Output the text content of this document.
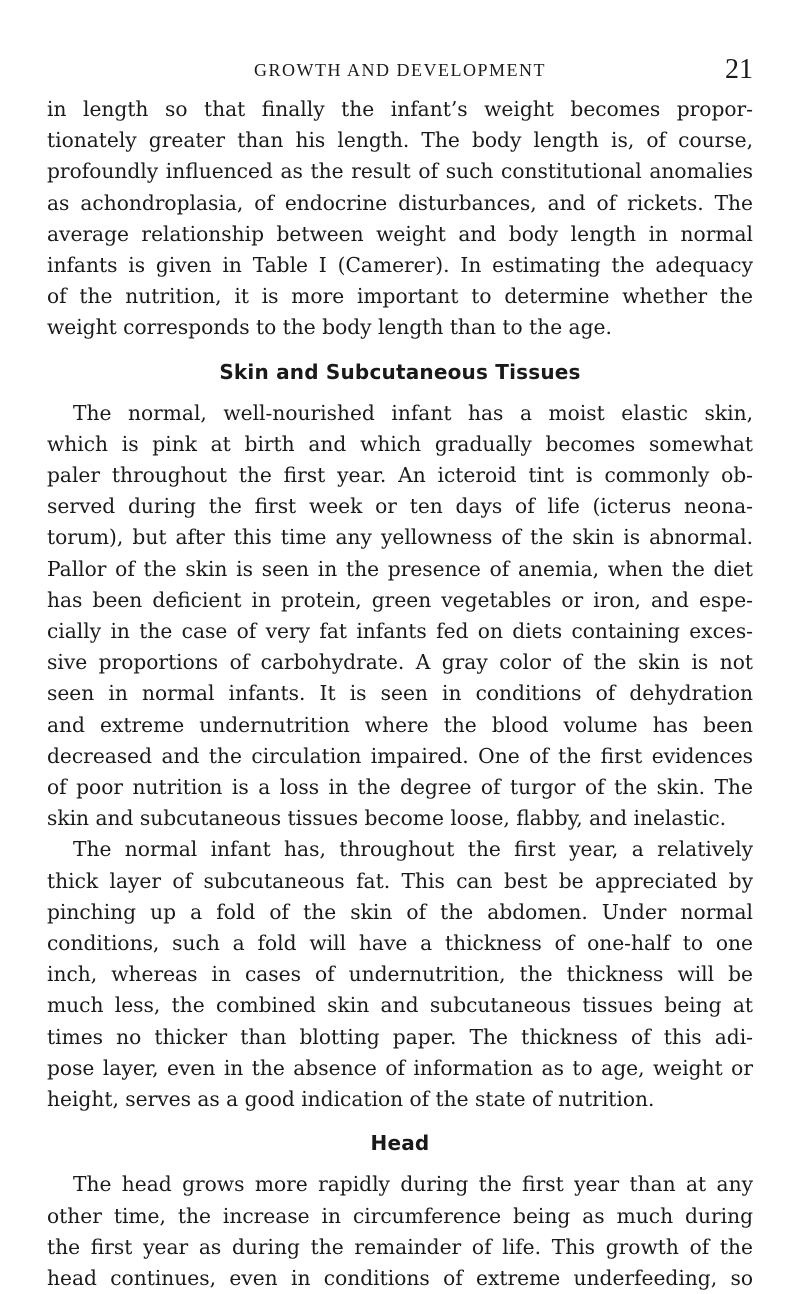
GROWTH AND DEVELOPMENT	21

in length so that finally the infant’s weight becomes propor-
tionately greater than his length. The body length is, of course,
profoundly influenced as the result of such constitutional anomalies
as achondroplasia, of endocrine disturbances, and of rickets. The
average relationship between weight and body length in normal
infants is given in Table I (Camerer). In estimating the adequacy
of the nutrition, it is more important to determine whether the
weight corresponds to the body length than to the age.

Skin and Subcutaneous Tissues

The normal, well-nourished infant has a moist elastic skin,
which is pink at birth and which gradually becomes somewhat
paler throughout the first year. An icteroid tint is commonly ob-
served during the first week or ten days of life (icterus neona-
torum), but after this time any yellowness of the skin is abnormal.
Pallor of the skin is seen in the presence of anemia, when the diet
has been deficient in protein, green vegetables or iron, and espe-
cially in the case of very fat infants fed on diets containing exces-
sive proportions of carbohydrate. A gray color of the skin is not
seen in normal infants. It is seen in conditions of dehydration
and extreme undernutrition where the blood volume has been
decreased and the circulation impaired. One of the first evidences
of poor nutrition is a loss in the degree of turgor of the skin. The
skin and subcutaneous tissues become loose, flabby, and inelastic.

The normal infant has, throughout the first year, a relatively
thick layer of subcutaneous fat. This can best be appreciated by
pinching up a fold of the skin of the abdomen. Under normal
conditions, such a fold will have a thickness of one-half to one
inch, whereas in cases of undernutrition, the thickness will be
much less, the combined skin and subcutaneous tissues being at
times no thicker than blotting paper. The thickness of this adi-
pose layer, even in the absence of information as to age, weight or
height, serves as a good indication of the state of nutrition.

Head

The head grows more rapidly during the first year than at any
other time, the increase in circumference being as much during
the first year as during the remainder of life. This growth of the
head continues, even in conditions of extreme underfeeding, so
